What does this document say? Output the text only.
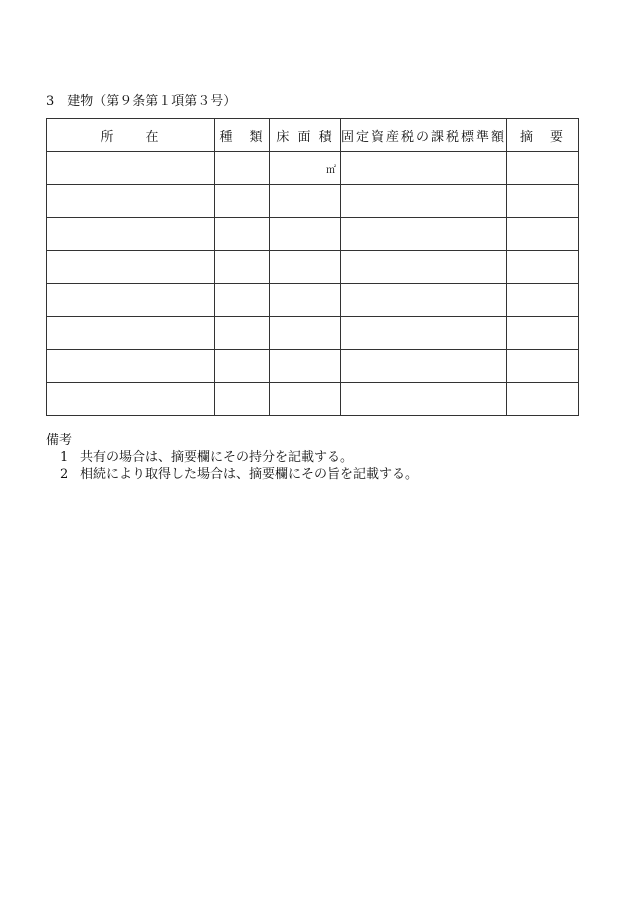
3　建物（第９条第１項第３号）
所　　在	種　類	床 面 積	固定資産税の課税標準額	摘　要
		㎡		

備考
1 共有の場合は、摘要欄にその持分を記載する。
2 相続により取得した場合は、摘要欄にその旨を記載する。
